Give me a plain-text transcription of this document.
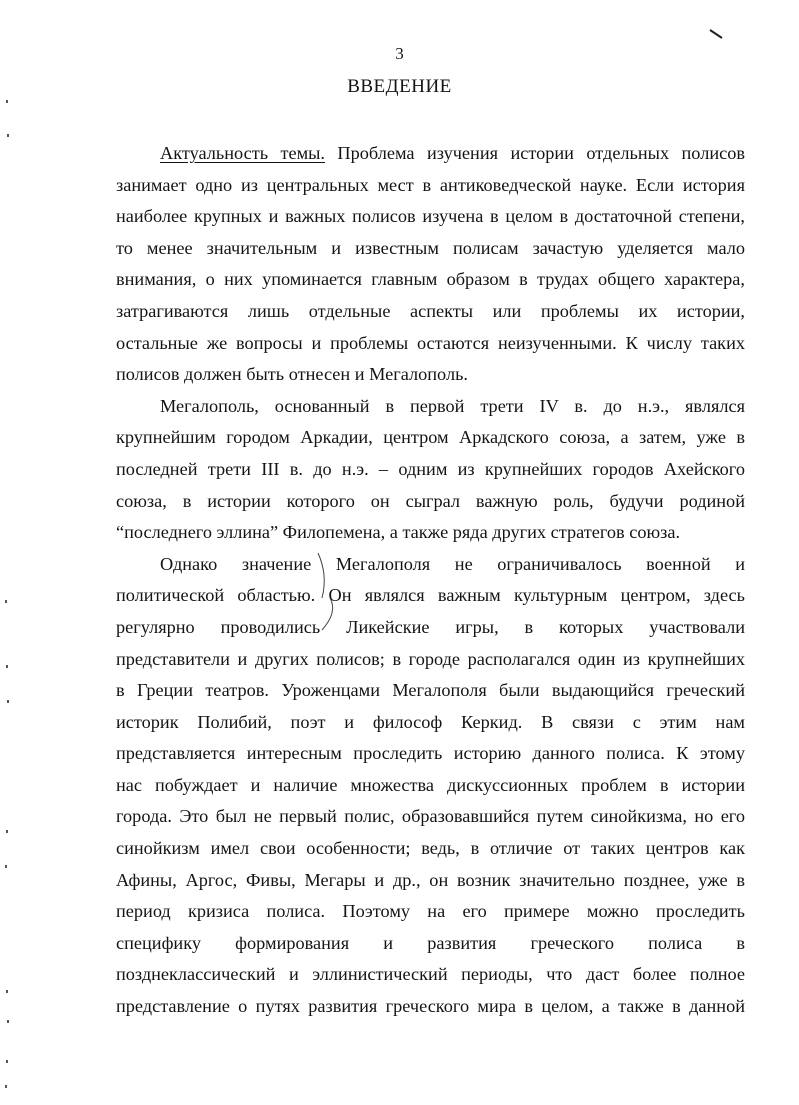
3
ВВЕДЕНИЕ
Актуальность темы. Проблема изучения истории отдельных полисов
занимает одно из центральных мест в антиковедческой науке. Если история
наиболее крупных и важных полисов изучена в целом в достаточной степени,
то менее значительным и известным полисам зачастую уделяется мало
внимания, о них упоминается главным образом в трудах общего характера,
затрагиваются лишь отдельные аспекты или проблемы их истории,
остальные же вопросы и проблемы остаются неизученными. К числу таких
полисов должен быть отнесен и Мегалополь.
Мегалополь, основанный в первой трети IV в. до н.э., являлся
крупнейшим городом Аркадии, центром Аркадского союза, а затем, уже в
последней трети III в. до н.э. – одним из крупнейших городов Ахейского
союза, в истории которого он сыграл важную роль, будучи родиной
“последнего эллина” Филопемена, а также ряда других стратегов союза.
Однако значение Мегалополя не ограничивалось военной и
политической областью. Он являлся важным культурным центром, здесь
регулярно проводились Ликейские игры, в которых участвовали
представители и других полисов; в городе располагался один из крупнейших
в Греции театров. Уроженцами Мегалополя были выдающийся греческий
историк Полибий, поэт и философ Керкид. В связи с этим нам
представляется интересным проследить историю данного полиса. К этому
нас побуждает и наличие множества дискуссионных проблем в истории
города. Это был не первый полис, образовавшийся путем синойкизма, но его
синойкизм имел свои особенности; ведь, в отличие от таких центров как
Афины, Аргос, Фивы, Мегары и др., он возник значительно позднее, уже в
период кризиса полиса. Поэтому на его примере можно проследить
специфику формирования и развития греческого полиса в
позднеклассический и эллинистический периоды, что даст более полное
представление о путях развития греческого мира в целом, а также в данной
